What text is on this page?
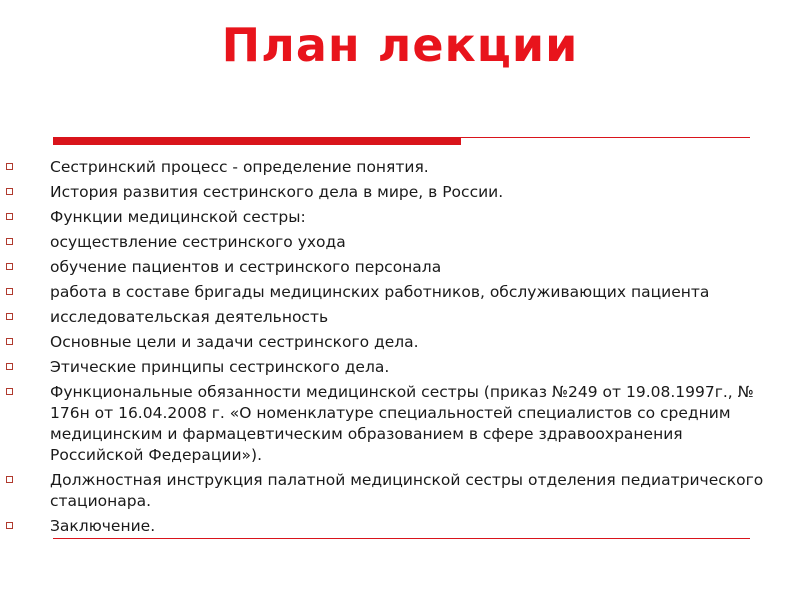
План лекции
Сестринский процесс - определение понятия.
История развития сестринского дела в мире, в России.
Функции медицинской сестры:
осуществление сестринского ухода
обучение пациентов и сестринского персонала
работа в составе бригады медицинских работников, обслуживающих пациента
исследовательская деятельность
Основные цели и задачи сестринского дела.
Этические принципы сестринского дела.
Функциональные обязанности медицинской сестры (приказ №249 от 19.08.1997г., № 176н от 16.04.2008 г. «О номенклатуре специальностей специалистов со средним медицинским и фармацевтическим образованием в сфере здравоохранения Российской Федерации»).
Должностная инструкция палатной медицинской сестры отделения педиатрического стационара.
Заключение.
